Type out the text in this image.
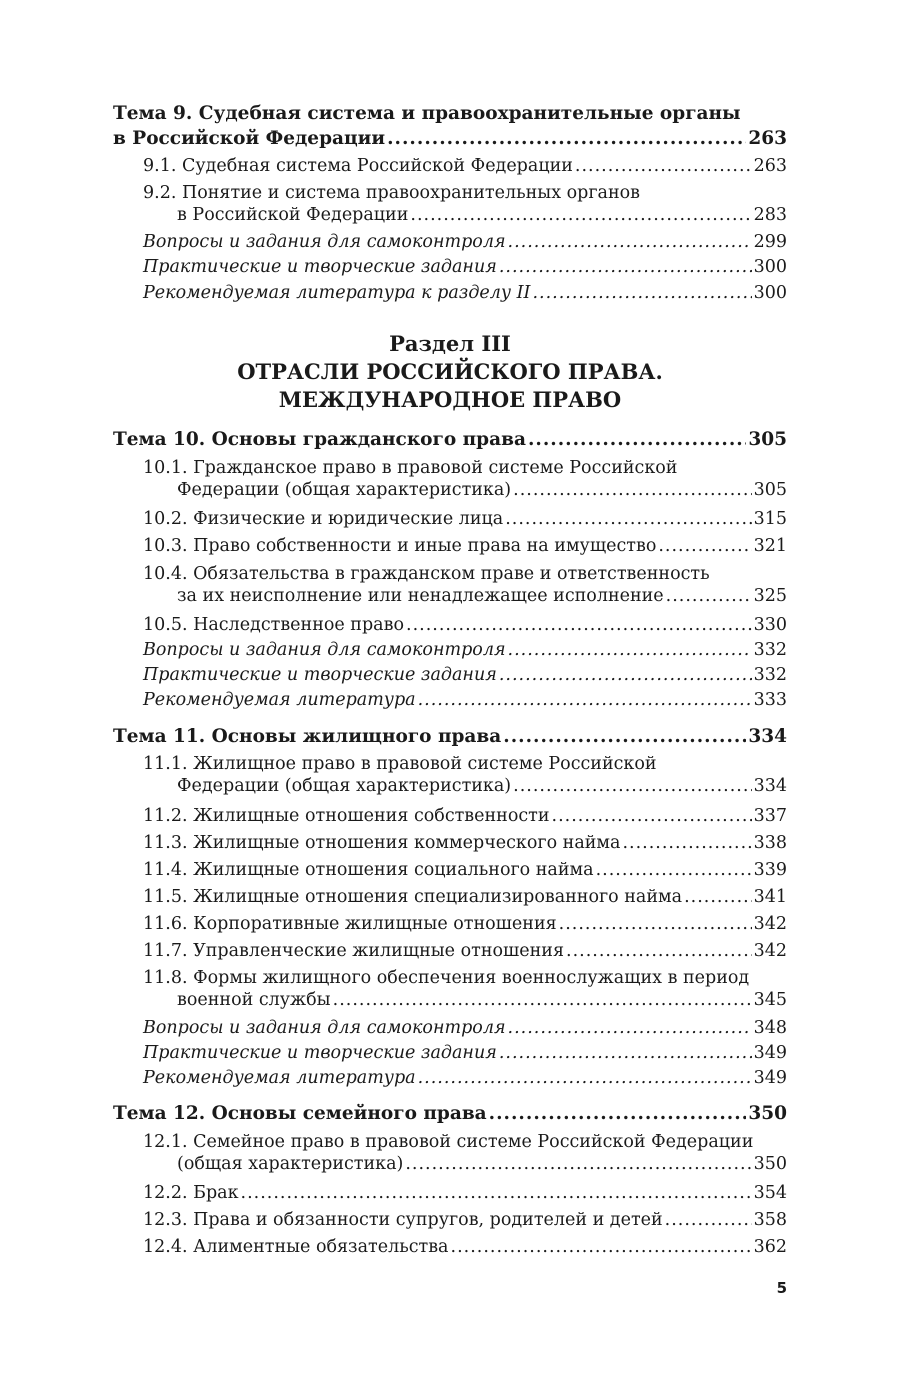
Тема 9. Судебная система и правоохранительные органы
в Российской Федерации .....	263
9.1. Судебная система Российской Федерации .....	263
9.2. Понятие и система правоохранительных органов
в Российской Федерации .....	283
Вопросы и задания для самоконтроля .....	299
Практические и творческие задания .....	300
Рекомендуемая литература к разделу II .....	300
Раздел III
ОТРАСЛИ РОССИЙСКОГО ПРАВА.
МЕЖДУНАРОДНОЕ ПРАВО
Тема 10. Основы гражданского права .....	305
10.1. Гражданское право в правовой системе Российской
Федерации (общая характеристика) .....	305
10.2. Физические и юридические лица .....	315
10.3. Право собственности и иные права на имущество .....	321
10.4. Обязательства в гражданском праве и ответственность
за их неисполнение или ненадлежащее исполнение .....	325
10.5. Наследственное право .....	330
Вопросы и задания для самоконтроля .....	332
Практические и творческие задания .....	332
Рекомендуемая литература .....	333
Тема 11. Основы жилищного права .....	334
11.1. Жилищное право в правовой системе Российской
Федерации (общая характеристика) .....	334
11.2. Жилищные отношения собственности .....	337
11.3. Жилищные отношения коммерческого найма .....	338
11.4. Жилищные отношения социального найма .....	339
11.5. Жилищные отношения специализированного найма .....	341
11.6. Корпоративные жилищные отношения .....	342
11.7. Управленческие жилищные отношения .....	342
11.8. Формы жилищного обеспечения военнослужащих в период
военной службы .....	345
Вопросы и задания для самоконтроля .....	348
Практические и творческие задания .....	349
Рекомендуемая литература .....	349
Тема 12. Основы семейного права .....	350
12.1. Семейное право в правовой системе Российской Федерации
(общая характеристика) .....	350
12.2. Брак .....	354
12.3. Права и обязанности супругов, родителей и детей .....	358
12.4. Алиментные обязательства .....	362
5
